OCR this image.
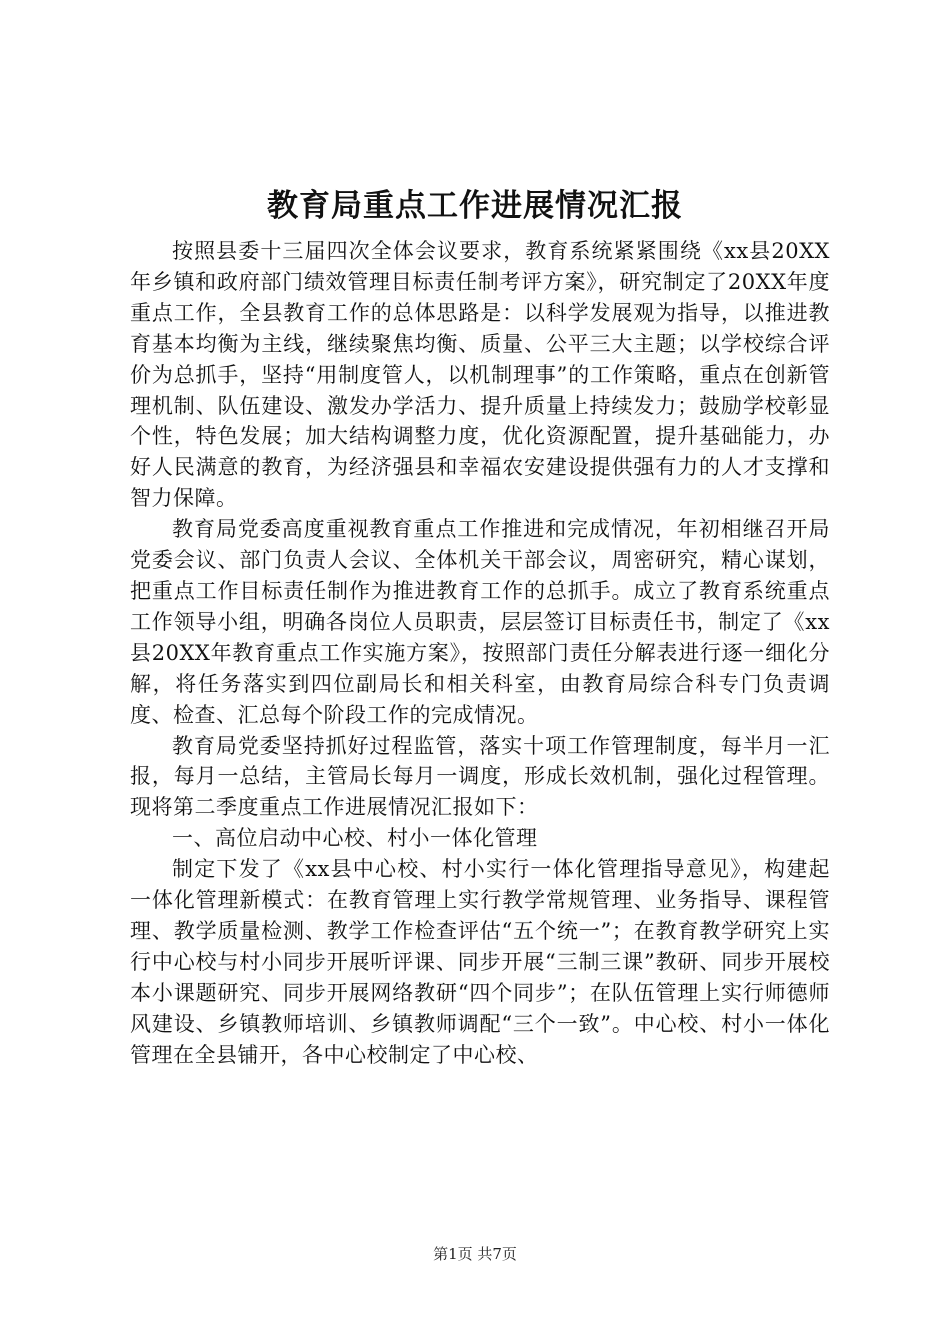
教育局重点工作进展情况汇报

按照县委十三届四次全体会议要求，教育系统紧紧围绕《xx县20XX年乡镇和政府部门绩效管理目标责任制考评方案》，研究制定了20XX年度重点工作，全县教育工作的总体思路是：以科学发展观为指导，以推进教育基本均衡为主线，继续聚焦均衡、质量、公平三大主题；以学校综合评价为总抓手，坚持“用制度管人，以机制理事”的工作策略，重点在创新管理机制、队伍建设、激发办学活力、提升质量上持续发力；鼓励学校彰显个性，特色发展；加大结构调整力度，优化资源配置，提升基础能力，办好人民满意的教育，为经济强县和幸福农安建设提供强有力的人才支撑和智力保障。

教育局党委高度重视教育重点工作推进和完成情况，年初相继召开局党委会议、部门负责人会议、全体机关干部会议，周密研究，精心谋划，把重点工作目标责任制作为推进教育工作的总抓手。成立了教育系统重点工作领导小组，明确各岗位人员职责，层层签订目标责任书，制定了《xx县20XX年教育重点工作实施方案》，按照部门责任分解表进行逐一细化分解，将任务落实到四位副局长和相关科室，由教育局综合科专门负责调度、检查、汇总每个阶段工作的完成情况。

教育局党委坚持抓好过程监管，落实十项工作管理制度，每半月一汇报，每月一总结，主管局长每月一调度，形成长效机制，强化过程管理。现将第二季度重点工作进展情况汇报如下：

一、高位启动中心校、村小一体化管理

制定下发了《xx县中心校、村小实行一体化管理指导意见》，构建起一体化管理新模式：在教育管理上实行教学常规管理、业务指导、课程管理、教学质量检测、教学工作检查评估“五个统一”；在教育教学研究上实行中心校与村小同步开展听评课、同步开展“三制三课”教研、同步开展校本小课题研究、同步开展网络教研“四个同步”；在队伍管理上实行师德师风建设、乡镇教师培训、乡镇教师调配“三个一致”。中心校、村小一体化管理在全县铺开，各中心校制定了中心校、

第1页 共7页
